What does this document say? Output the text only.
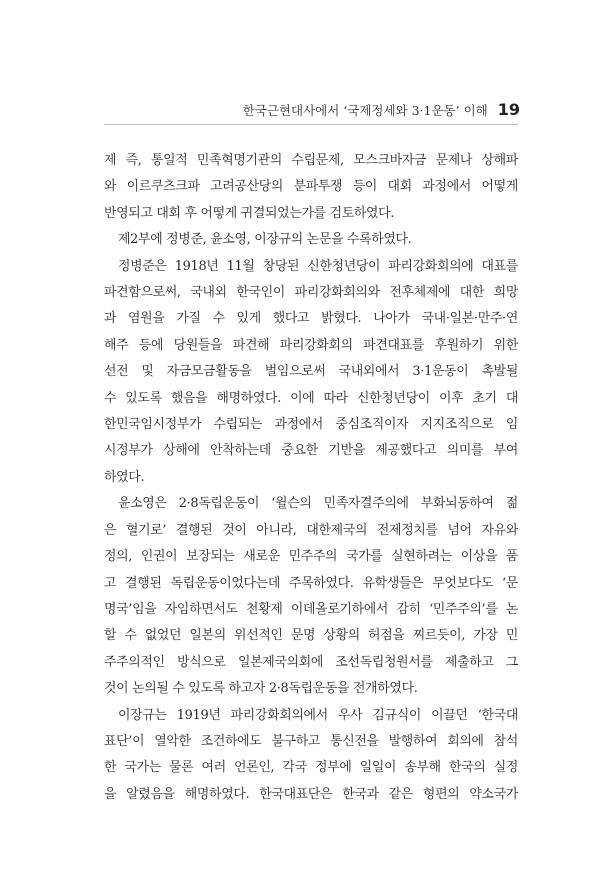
한국근현대사에서 ‘국제정세와 3·1운동’ 이해 19

제 즉, 통일적 민족혁명기관의 수립문제, 모스크바자금 문제나 상해파

와 이르쿠츠크파 고려공산당의 분파투쟁 등이 대회 과정에서 어떻게

반영되고 대회 후 어떻게 귀결되었는가를 검토하였다.

제2부에 정병준, 윤소영, 이장규의 논문을 수록하였다.

정병준은 1918년 11월 창당된 신한청년당이 파리강화회의에 대표를

파견함으로써, 국내외 한국인이 파리강화회의와 전후체제에 대한 희망

과 염원을 가질 수 있게 했다고 밝혔다. 나아가 국내·일본·만주·연

해주 등에 당원들을 파견해 파리강화회의 파견대표를 후원하기 위한

선전 및 자금모금활동을 벌임으로써 국내외에서 3·1운동이 촉발될

수 있도록 했음을 해명하였다. 이에 따라 신한청년당이 이후 초기 대

한민국임시정부가 수립되는 과정에서 중심조직이자 지지조직으로 임

시정부가 상해에 안착하는데 중요한 기반을 제공했다고 의미를 부여

하였다.

윤소영은 2·8독립운동이 ‘윌슨의 민족자결주의에 부화뇌동하여 젊

은 혈기로’ 결행된 것이 아니라, 대한제국의 전제정치를 넘어 자유와

정의, 인권이 보장되는 새로운 민주주의 국가를 실현하려는 이상을 품

고 결행된 독립운동이었다는데 주목하였다. 유학생들은 무엇보다도 ‘문

명국’임을 자임하면서도 천황제 이데올로기하에서 감히 ‘민주주의’를 논

할 수 없었던 일본의 위선적인 문명 상황의 허점을 찌르듯이, 가장 민

주주의적인 방식으로 일본제국의회에 조선독립청원서를 제출하고 그

것이 논의될 수 있도록 하고자 2·8독립운동을 전개하였다.

이장규는 1919년 파리강화회의에서 우사 김규식이 이끌던 ‘한국대

표단’이 열악한 조건하에도 불구하고 통신전을 발행하여 회의에 참석

한 국가는 물론 여러 언론인, 각국 정부에 일일이 송부해 한국의 실정

을 알렸음을 해명하였다. 한국대표단은 한국과 같은 형편의 약소국가
